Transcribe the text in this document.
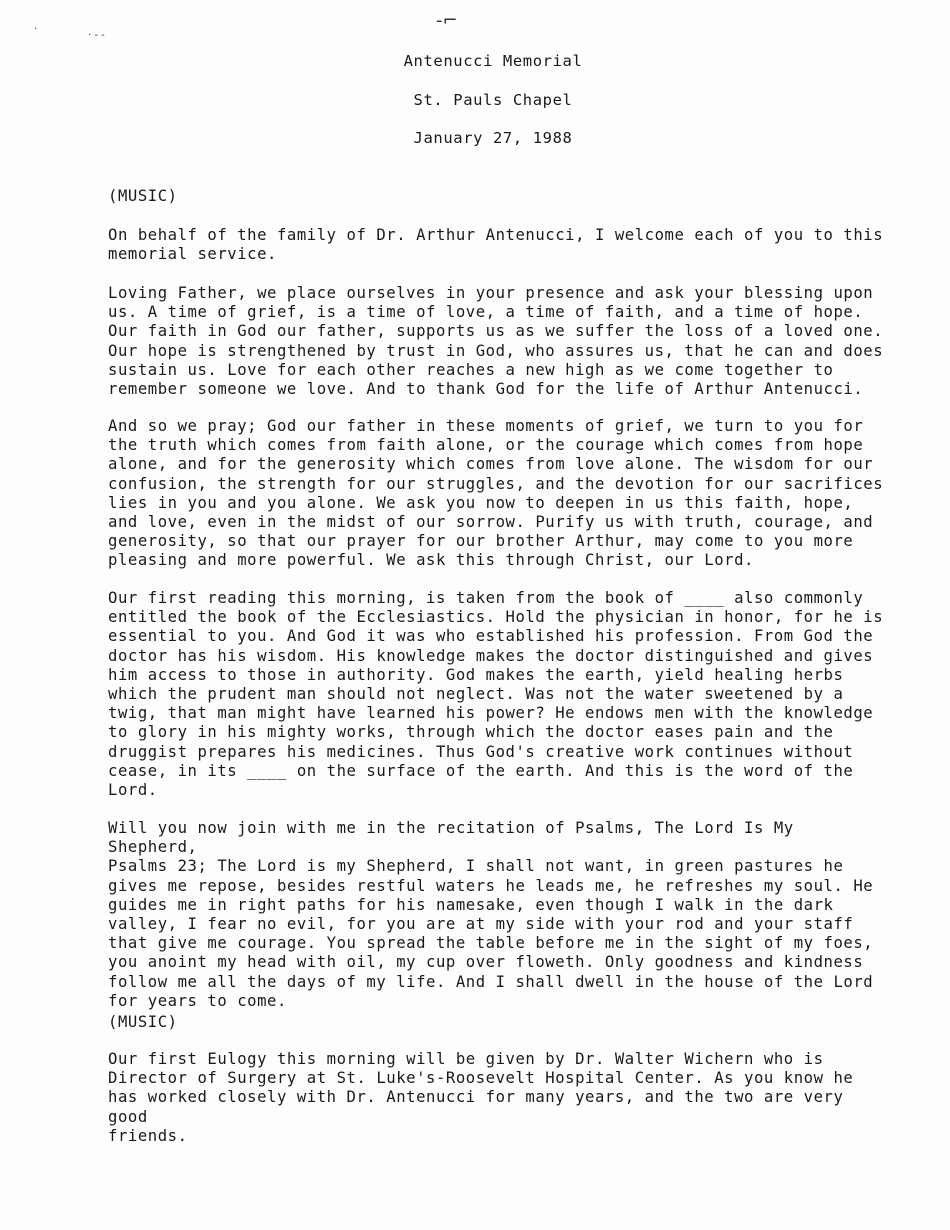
-⌐
·
· ‑ ‑
Antenucci Memorial
St. Pauls Chapel
January 27, 1988

(MUSIC)

On behalf of the family of Dr. Arthur Antenucci, I welcome each of you to this
memorial service.

Loving Father, we place ourselves in your presence and ask your blessing upon
us. A time of grief, is a time of love, a time of faith, and a time of hope.
Our faith in God our father, supports us as we suffer the loss of a loved one.
Our hope is strengthened by trust in God, who assures us, that he can and does
sustain us. Love for each other reaches a new high as we come together to
remember someone we love. And to thank God for the life of Arthur Antenucci.

And so we pray; God our father in these moments of grief, we turn to you for
the truth which comes from faith alone, or the courage which comes from hope
alone, and for the generosity which comes from love alone. The wisdom for our
confusion, the strength for our struggles, and the devotion for our sacrifices
lies in you and you alone. We ask you now to deepen in us this faith, hope,
and love, even in the midst of our sorrow. Purify us with truth, courage, and
generosity, so that our prayer for our brother Arthur, may come to you more
pleasing and more powerful. We ask this through Christ, our Lord.

Our first reading this morning, is taken from the book of ____ also commonly
entitled the book of the Ecclesiastics. Hold the physician in honor, for he is
essential to you. And God it was who established his profession. From God the
doctor has his wisdom. His knowledge makes the doctor distinguished and gives
him access to those in authority. God makes the earth, yield healing herbs
which the prudent man should not neglect. Was not the water sweetened by a
twig, that man might have learned his power? He endows men with the knowledge
to glory in his mighty works, through which the doctor eases pain and the
druggist prepares his medicines. Thus God's creative work continues without
cease, in its ____ on the surface of the earth. And this is the word of the
Lord.

Will you now join with me in the recitation of Psalms, The Lord Is My Shepherd,
Psalms 23; The Lord is my Shepherd, I shall not want, in green pastures he
gives me repose, besides restful waters he leads me, he refreshes my soul. He
guides me in right paths for his namesake, even though I walk in the dark
valley, I fear no evil, for you are at my side with your rod and your staff
that give me courage. You spread the table before me in the sight of my foes,
you anoint my head with oil, my cup over floweth. Only goodness and kindness
follow me all the days of my life. And I shall dwell in the house of the Lord
for years to come.

(MUSIC)

Our first Eulogy this morning will be given by Dr. Walter Wichern who is
Director of Surgery at St. Luke's-Roosevelt Hospital Center. As you know he
has worked closely with Dr. Antenucci for many years, and the two are very good
friends.
